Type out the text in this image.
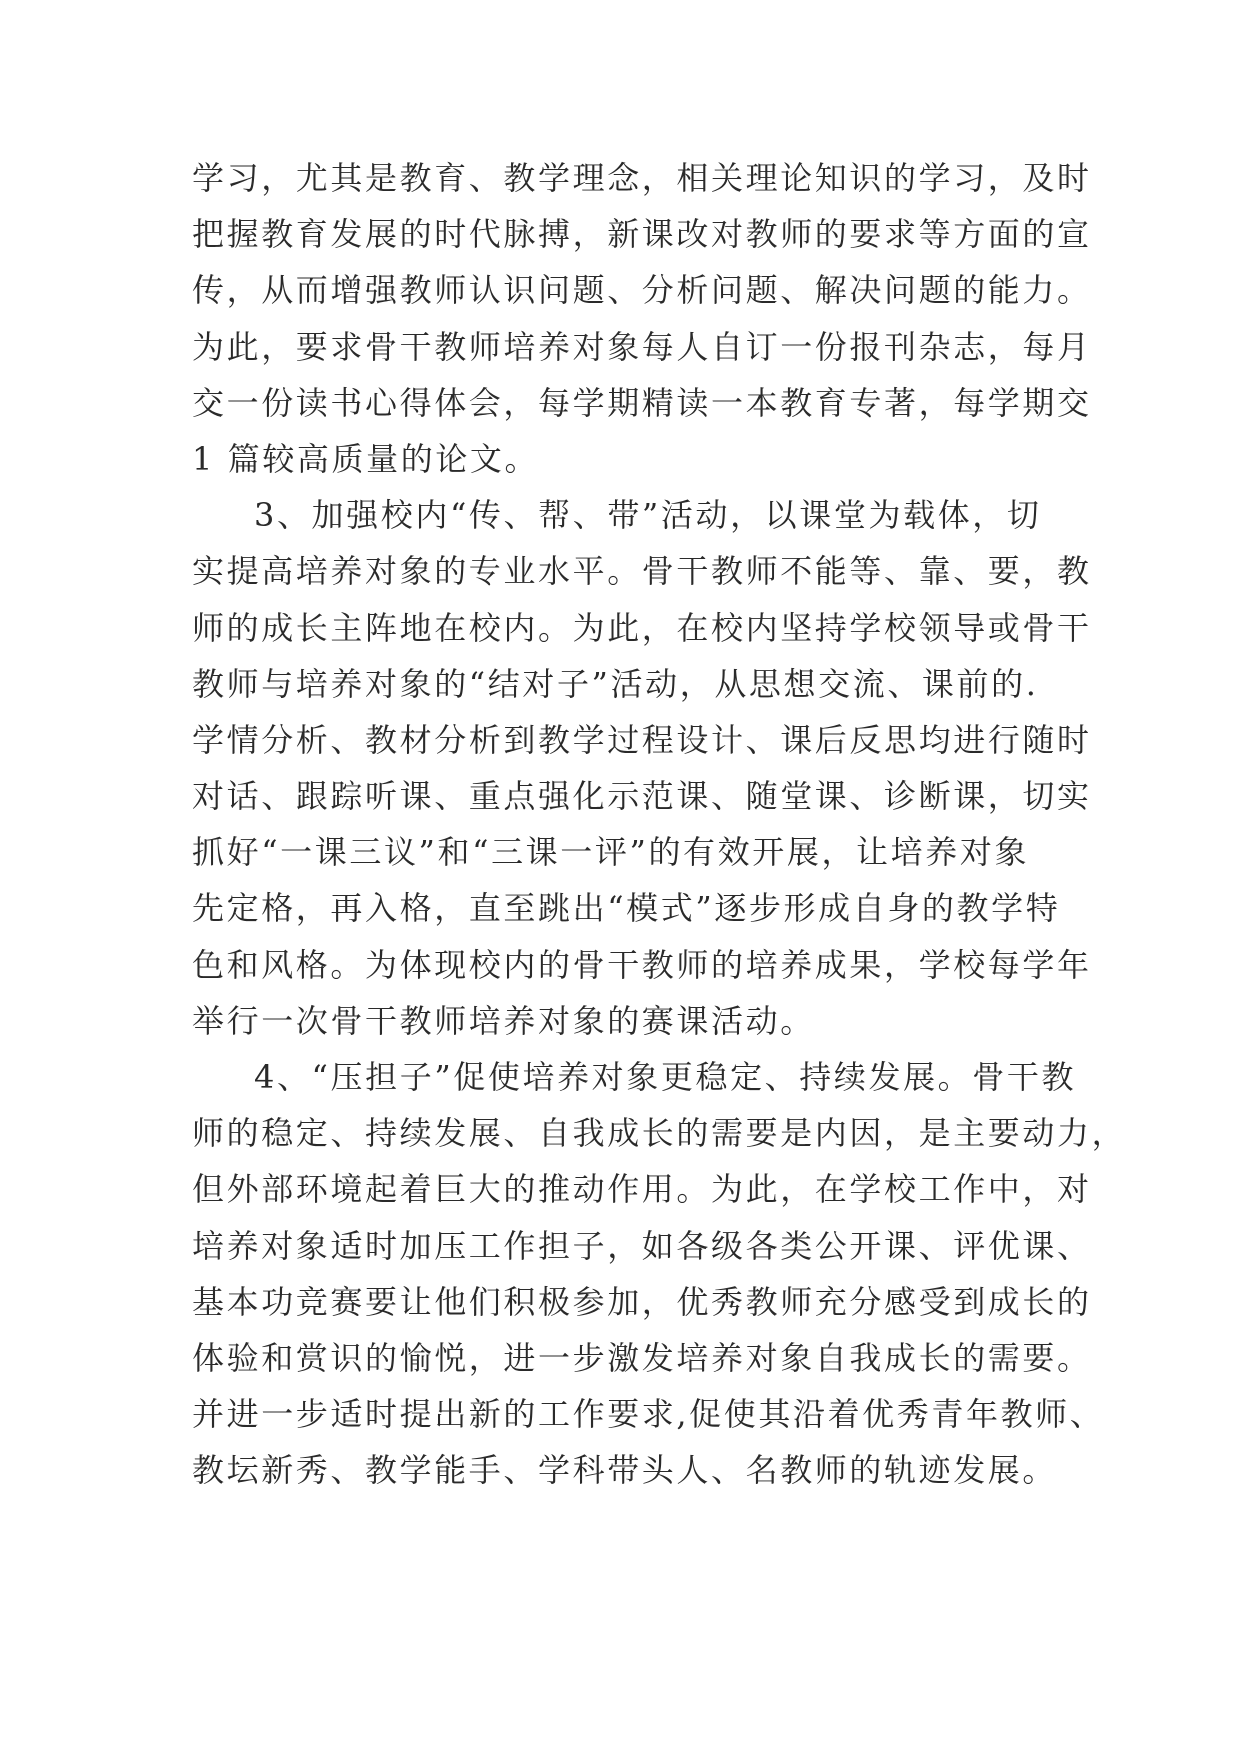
学习，尤其是教育、教学理念，相关理论知识的学习，及时
把握教育发展的时代脉搏，新课改对教师的要求等方面的宣
传，从而增强教师认识问题、分析问题、解决问题的能力。
为此，要求骨干教师培养对象每人自订一份报刊杂志，每月
交一份读书心得体会，每学期精读一本教育专著，每学期交
1 篇较高质量的论文。
3、加强校内“传、帮、带”活动，以课堂为载体，切
实提高培养对象的专业水平。骨干教师不能等、靠、要，教
师的成长主阵地在校内。为此，在校内坚持学校领导或骨干
教师与培养对象的“结对子”活动，从思想交流、课前的.
学情分析、教材分析到教学过程设计、课后反思均进行随时
对话、跟踪听课、重点强化示范课、随堂课、诊断课，切实
抓好“一课三议”和“三课一评”的有效开展，让培养对象
先定格，再入格，直至跳出“模式”逐步形成自身的教学特
色和风格。为体现校内的骨干教师的培养成果，学校每学年
举行一次骨干教师培养对象的赛课活动。
4、“压担子”促使培养对象更稳定、持续发展。骨干教
师的稳定、持续发展、自我成长的需要是内因，是主要动力，
但外部环境起着巨大的推动作用。为此，在学校工作中，对
培养对象适时加压工作担子，如各级各类公开课、评优课、
基本功竞赛要让他们积极参加，优秀教师充分感受到成长的
体验和赏识的愉悦，进一步激发培养对象自我成长的需要。
并进一步适时提出新的工作要求,促使其沿着优秀青年教师、
教坛新秀、教学能手、学科带头人、名教师的轨迹发展。
